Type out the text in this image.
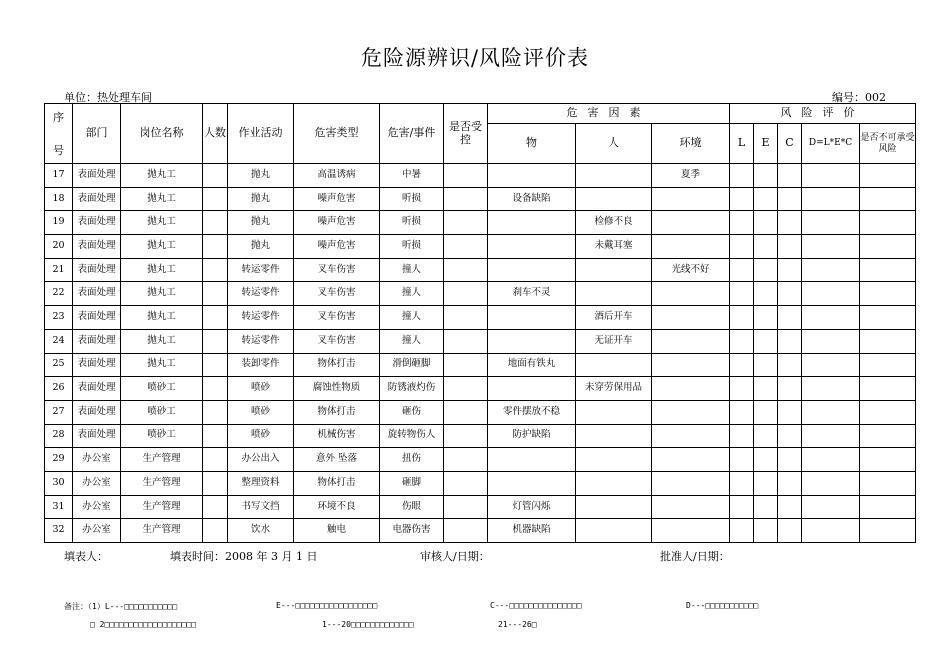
危险源辨识/风险评价表
单位：热处理车间	编号：002
序
号	部门	岗位名称	人数	作业活动	危害类型	危害/事件	是否受控	危害因素			风险评价				
								物	人	环境	L	E	C	D=L*E*C	是否不可承受风险
17	表面处理	抛丸工		抛丸	高温诱病	中暑				夏季					
18	表面处理	抛丸工		抛丸	噪声危害	听损		设备缺陷							
19	表面处理	抛丸工		抛丸	噪声危害	听损			检修不良						
20	表面处理	抛丸工		抛丸	噪声危害	听损			未戴耳塞						
21	表面处理	抛丸工		转运零件	叉车伤害	撞人				光线不好					
22	表面处理	抛丸工		转运零件	叉车伤害	撞人		刹车不灵							
23	表面处理	抛丸工		转运零件	叉车伤害	撞人			酒后开车						
24	表面处理	抛丸工		转运零件	叉车伤害	撞人			无证开车						
25	表面处理	抛丸工		装卸零件	物体打击	滑倒砸脚		地面有铁丸							
26	表面处理	喷砂工		喷砂	腐蚀性物质	防锈液灼伤			未穿劳保用品						
27	表面处理	喷砂工		喷砂	物体打击	砸伤		零件摆放不稳							
28	表面处理	喷砂工		喷砂	机械伤害	旋转物伤人		防护缺陷							
29	办公室	生产管理		办公出入	意外 坠落	扭伤									
30	办公室	生产管理		整理资料	物体打击	砸脚									
31	办公室	生产管理		书写文挡	环境不良	伤眼		灯管闪烁							
32	办公室	生产管理		饮水	触电	电器伤害		机器缺陷							
填表人：	填表时间：2008 年 3 月 1 日	审核人/日期：	批准人/日期：
备注：（1）L---□□□□□□□□□□□	E---□□□□□□□□□□□□□□□□□	C---□□□□□□□□□□□□□□□	D---□□□□□□□□□□□
□ 2□□□□□□□□□□□□□□□□□□□	1---20□□□□□□□□□□□□□	21---26□
